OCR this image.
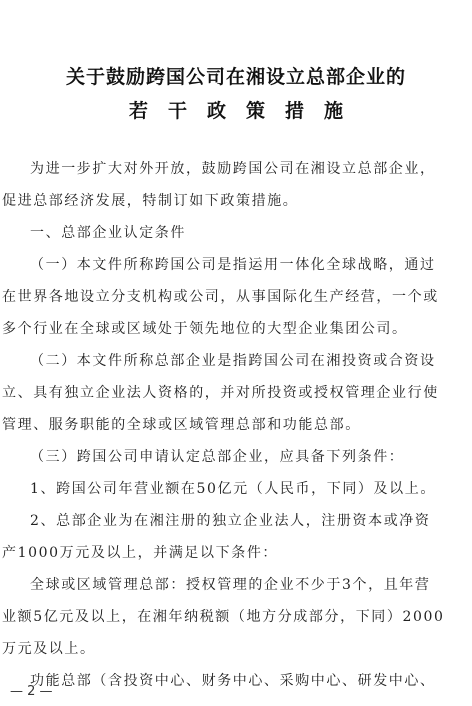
关于鼓励跨国公司在湘设立总部企业的
若干政策措施
为进一步扩大对外开放，鼓励跨国公司在湘设立总部企业，
促进总部经济发展，特制订如下政策措施。
一、总部企业认定条件
（一）本文件所称跨国公司是指运用一体化全球战略，通过
在世界各地设立分支机构或公司，从事国际化生产经营，一个或
多个行业在全球或区域处于领先地位的大型企业集团公司。
（二）本文件所称总部企业是指跨国公司在湘投资或合资设
立、具有独立企业法人资格的，并对所投资或授权管理企业行使
管理、服务职能的全球或区域管理总部和功能总部。
（三）跨国公司申请认定总部企业，应具备下列条件：
1、跨国公司年营业额在50亿元（人民币，下同）及以上。
2、总部企业为在湘注册的独立企业法人，注册资本或净资
产1000万元及以上，并满足以下条件：
全球或区域管理总部：授权管理的企业不少于3个，且年营
业额5亿元及以上，在湘年纳税额（地方分成部分，下同）2000
万元及以上。
功能总部（含投资中心、财务中心、采购中心、研发中心、
— 2 —
